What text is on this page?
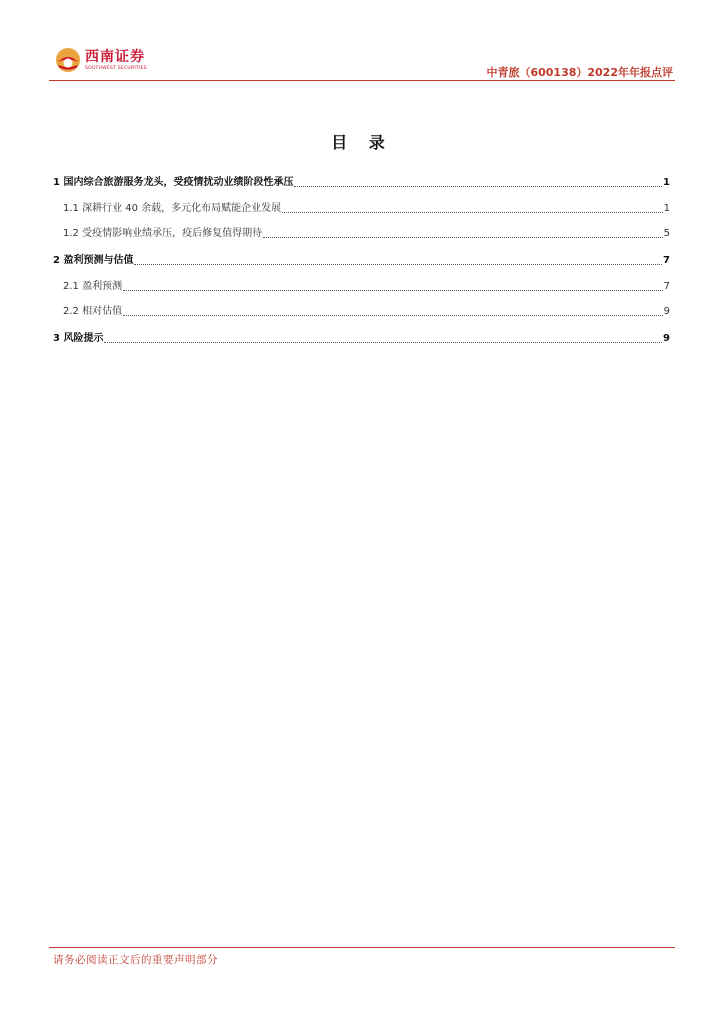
西南证券
SOUTHWEST SECURITIES	中青旅（600138）2022年年报点评
目 录
1 国内综合旅游服务龙头，受疫情扰动业绩阶段性承压	1
1.1 深耕行业 40 余载，多元化布局赋能企业发展	1
1.2 受疫情影响业绩承压，疫后修复值得期待	5
2 盈利预测与估值	7
2.1 盈利预测	7
2.2 相对估值	9
3 风险提示	9
请务必阅读正文后的重要声明部分
